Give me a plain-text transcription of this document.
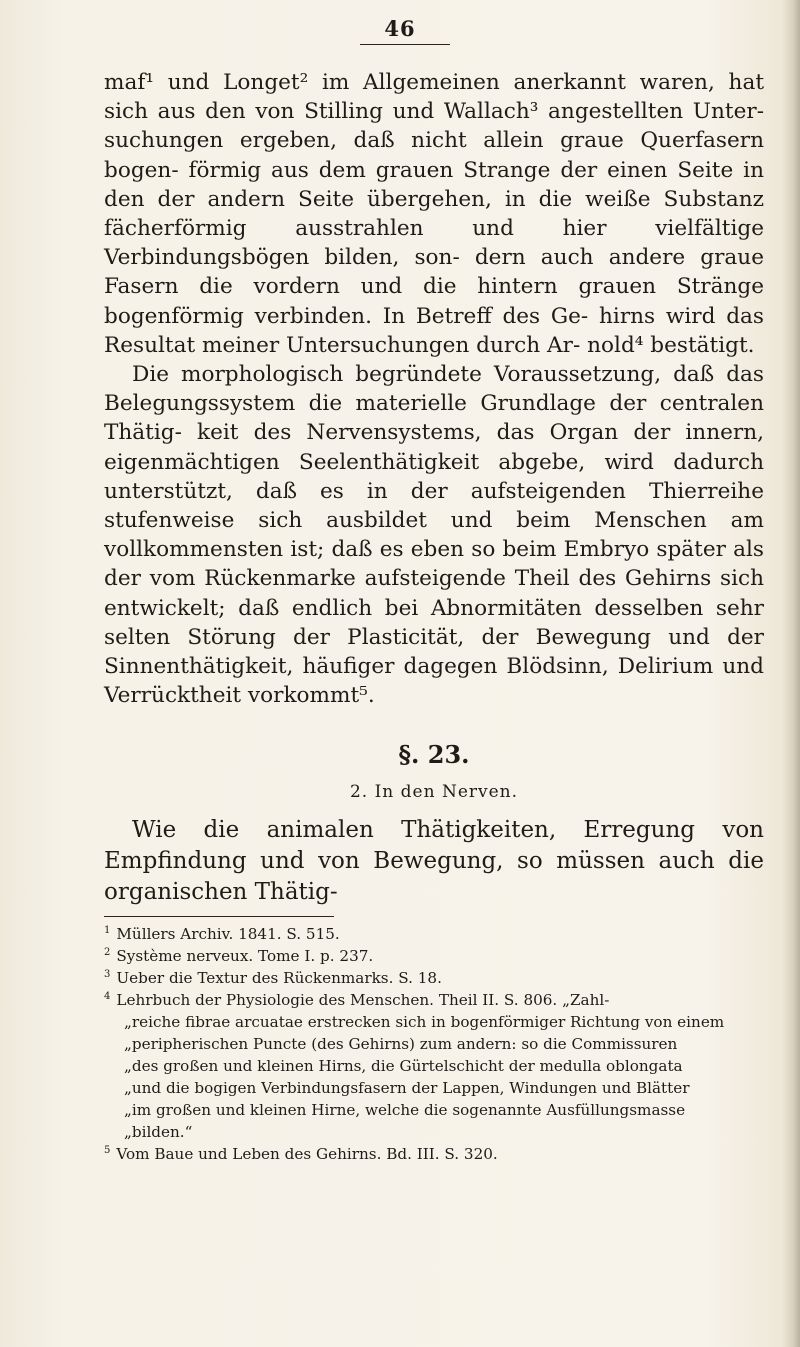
46

maf¹ und Longet² im Allgemeinen anerkannt waren, hat sich aus den von Stilling und Wallach³ angestellten Unter- suchungen ergeben, daß nicht allein graue Querfasern bogen- förmig aus dem grauen Strange der einen Seite in den der andern Seite übergehen, in die weiße Substanz fächerförmig ausstrahlen und hier vielfältige Verbindungsbögen bilden, son- dern auch andere graue Fasern die vordern und die hintern grauen Stränge bogenförmig verbinden. In Betreff des Ge- hirns wird das Resultat meiner Untersuchungen durch Ar- nold⁴ bestätigt.

Die morphologisch begründete Voraussetzung, daß das Belegungssystem die materielle Grundlage der centralen Thätig- keit des Nervensystems, das Organ der innern, eigenmächtigen Seelenthätigkeit abgebe, wird dadurch unterstützt, daß es in der aufsteigenden Thierreihe stufenweise sich ausbildet und beim Menschen am vollkommensten ist; daß es eben so beim Embryo später als der vom Rückenmarke aufsteigende Theil des Gehirns sich entwickelt; daß endlich bei Abnormitäten desselben sehr selten Störung der Plasticität, der Bewegung und der Sinnenthätigkeit, häufiger dagegen Blödsinn, Delirium und Verrücktheit vorkommt⁵.

§. 23.
2. In den Nerven.

Wie die animalen Thätigkeiten, Erregung von Empfindung und von Bewegung, so müssen auch die organischen Thätig-

$^1$ Müllers Archiv. 1841. S. 515.

$^2$ Système nerveux. Tome I. p. 237.

$^3$ Ueber die Textur des Rückenmarks. S. 18.

$^4$ Lehrbuch der Physiologie des Menschen. Theil II. S. 806. „Zahl-

„reiche fibrae arcuatae erstrecken sich in bogenförmiger Richtung von einem

„peripherischen Puncte (des Gehirns) zum andern: so die Commissuren

„des großen und kleinen Hirns, die Gürtelschicht der medulla oblongata

„und die bogigen Verbindungsfasern der Lappen, Windungen und Blätter

„im großen und kleinen Hirne, welche die sogenannte Ausfüllungsmasse

„bilden.“

$^5$ Vom Baue und Leben des Gehirns. Bd. III. S. 320.
